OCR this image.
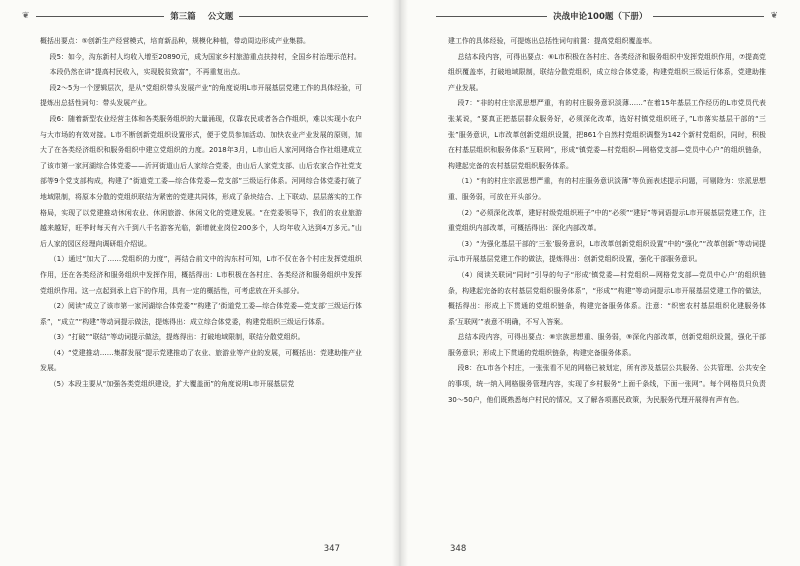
❦	第三篇 公文题

概括出要点：⑤创新生产经营模式，培育新品种，规模化种植，带动周边形成产业集群。

段5：如今，沟东新村人均收入增至20890元，成为国家乡村旅游重点扶持村，全国乡村治理示范村。

本段仍然在讲“提高村民收入，实现脱贫致富”，不再重复出点。

段2～5为一个逻辑层次，是从“党组织带头发展产业”的角度说明L市开展基层党建工作的具体经验，可提炼出总括性词句：带头发展产业。

段6：随着新型农业经营主体和各类服务组织的大量涌现，仅靠农民或者各合作组织，难以实现小农户与大市场的有效对接。L市不断创新党组织设置形式，便于党员参加活动、加快农业产业发展的原则，加大了在各类经济组织和服务组织中建立党组织的力度。2018年3月，L市山后人家河网络合作社组建成立了该市第一家河湖综合体党委——沂河街道山后人家综合党委，由山后人家党支部、山后农家合作社党支部等9个党支部构成，构建了“街道党工委—综合体党委—党支部”三级运行体系。河网综合体党委打破了地域限制，将原本分散的党组织联结为紧密的党建共同体，形成了条块结合、上下联动、层层落实的工作格局，实现了以党建推动休闲农业、休闲旅游、休闲文化的党建发展。“在党委领导下，我们的农业旅游越来越好，旺季时每天有六千到八千名游客光临，新增就业岗位200多个，人均年收入达到4万多元。”山后人家的园区经理向调研组介绍说。

（1）通过“加大了……党组织的力度”，再结合前文中的沟东村可知，L市不仅在各个村庄发挥党组织作用，还在各类经济和服务组织中发挥作用，概括得出：L市积极在各村庄、各类经济和服务组织中发挥党组织作用。这一点起到承上启下的作用，具有一定的概括性，可考虑放在开头部分。

（2）阅读“成立了该市第一家河湖综合体党委”“构建了‘街道党工委—综合体党委—党支部’三级运行体系”，“成立”“构建”等动词提示做法，提炼得出：成立综合体党委，构建党组织三级运行体系。

（3）“打破”“联结”等动词提示做法，提炼得出：打破地域限制，联结分散党组织。

（4）“党建推动……集群发展”提示党建推动了农业、旅游业等产业的发展，可概括出：党建助推产业发展。

（5）本段主要从“加强各类党组织建设，扩大覆盖面”的角度说明L市开展基层党

347
决战申论100题（下册）	❦

建工作的具体经验，可提炼出总括性词句前置：提高党组织覆盖率。

总结本段内容，可得出要点：⑥L市积极在各村庄、各类经济和服务组织中发挥党组织作用，⑦提高党组织覆盖率，打破地域限制，联结分散党组织，成立综合体党委，构建党组织三级运行体系，党建助推产业发展。

段7：“非的村庄宗派思想严重，有的村庄服务意识淡薄……”在着15年基层工作经历的L市党员代表张某说，“要真正把基层群众服务好，必须深化改革，选好村镇党组织班子，”L市落实基层干部的“三张”服务意识，L市改革创新党组织设置，把861个自然村党组织调整为142个新村党组织，同时，积极在村基层组织和服务体系“互联网”，形成“镇党委—村党组织—网格党支部—党员中心户”的组织链条，构建起完备的农村基层党组织服务体系。

（1）“有的村庄宗派思想严重，有的村庄服务意识淡薄”等负面表述提示问题，可剔除为：宗派思想重、服务弱，可放在开头部分。

（2）“必须深化改革，建好村级党组织班子”中的“必须”“建好”等词语提示L市开展基层党建工作，注重党组织内部改革，可概括得出：深化内部改革。

（3）“为强化基层干部的‘三张’服务意识，L市改革创新党组织设置”中的“强化”“改革创新”等动词提示L市开展基层党建工作的做法，提炼得出：创新党组织设置，强化干部服务意识。

（4）阅读关联词“同时”引导的句子“形成‘镇党委—村党组织—网格党支部—党员中心户’的组织链条，构建起完备的农村基层党组织服务体系”，“形成”“构建”等动词提示L市开展基层党建工作的做法，概括得出：形成上下贯通的党组织链条，构建完备服务体系。注意：“织密农村基层组织化建服务体系‘互联网’”表意不明确，不写入答案。

总结本段内容，可得出要点：⑧宗族思想重、服务弱，⑨深化内部改革，创新党组织设置，强化干部服务意识；形成上下贯通的党组织链条，构建完备服务体系。

段8：在L市各个村庄，一张张看不见的网格已被划定，所有涉及基层公共服务、公共管理、公共安全的事项，统一纳入网格服务管理内容，实现了乡村服务“上面千条线，下面一张网”。每个网格员只负责30～50户，他们既熟悉每户村民的情况，又了解各项惠民政策，为民服务代理开展得有声有色。

348
